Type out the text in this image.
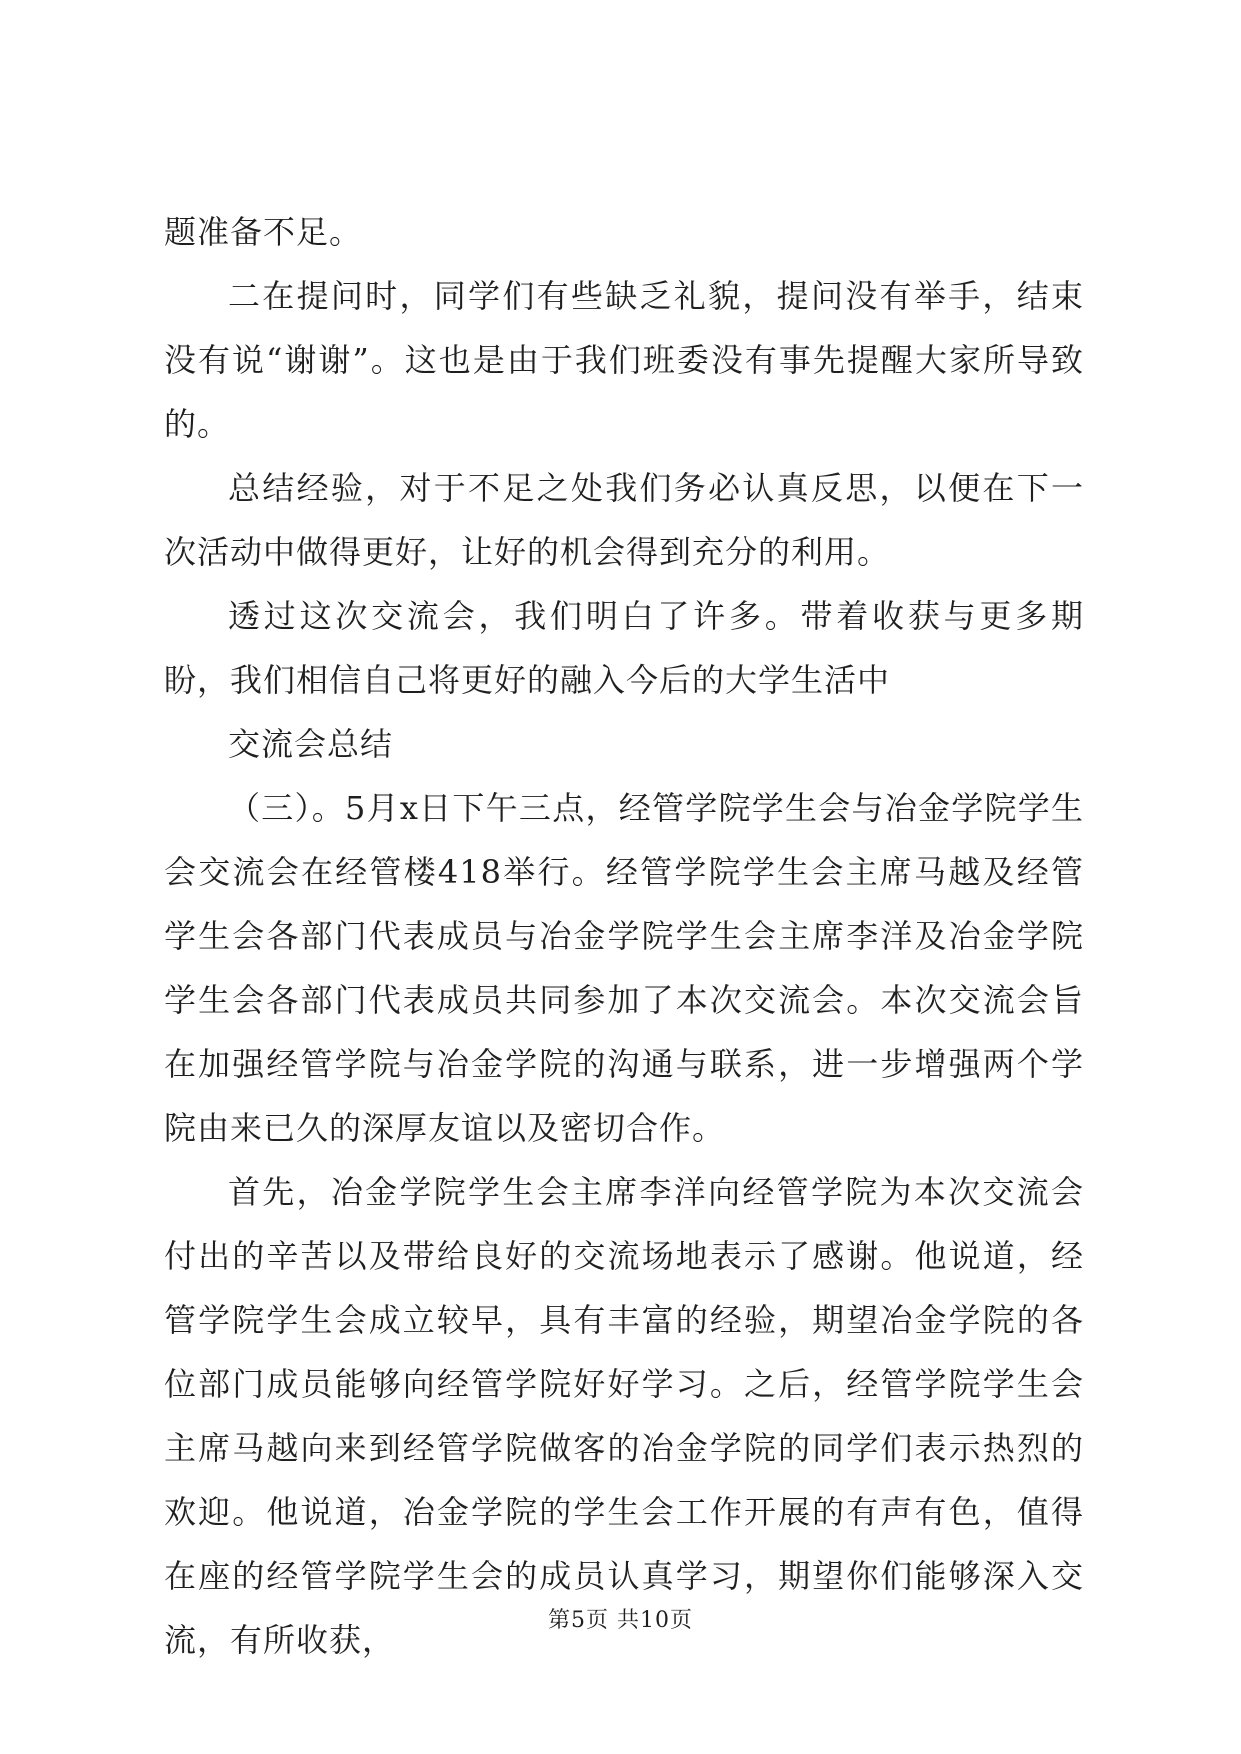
题准备不足。

二在提问时，同学们有些缺乏礼貌，提问没有举手，结束没有说“谢谢”。这也是由于我们班委没有事先提醒大家所导致的。

总结经验，对于不足之处我们务必认真反思，以便在下一次活动中做得更好，让好的机会得到充分的利用。

透过这次交流会，我们明白了许多。带着收获与更多期盼，我们相信自己将更好的融入今后的大学生活中

交流会总结

（三）。5月x日下午三点，经管学院学生会与冶金学院学生会交流会在经管楼418举行。经管学院学生会主席马越及经管学生会各部门代表成员与冶金学院学生会主席李洋及冶金学院学生会各部门代表成员共同参加了本次交流会。本次交流会旨在加强经管学院与冶金学院的沟通与联系，进一步增强两个学院由来已久的深厚友谊以及密切合作。

首先，冶金学院学生会主席李洋向经管学院为本次交流会付出的辛苦以及带给良好的交流场地表示了感谢。他说道，经管学院学生会成立较早，具有丰富的经验，期望冶金学院的各位部门成员能够向经管学院好好学习。之后，经管学院学生会主席马越向来到经管学院做客的冶金学院的同学们表示热烈的欢迎。他说道，冶金学院的学生会工作开展的有声有色，值得在座的经管学院学生会的成员认真学习，期望你们能够深入交流，有所收获，

第5页 共10页
